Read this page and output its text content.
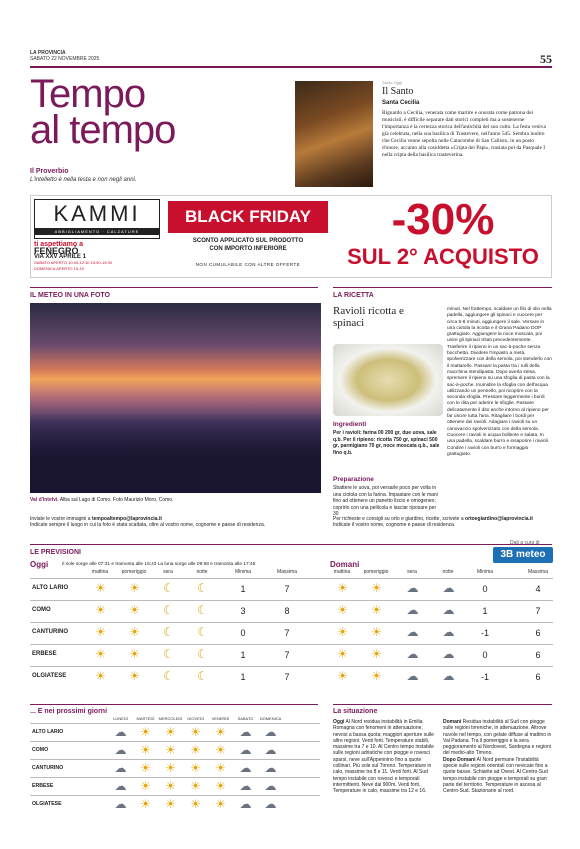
LA PROVINCIA
SABATO 22 NOVEMBRE 2025	55
Tempo
al tempo
Il Proverbio
L'intelletto è nella testa e non negli anni.
Santo Oggi
Il Santo
Santa Cecilia
Riguardo a Cecilia, venerata come martire e onorata come patrona dei musicisti, è difficile separare dati storici completi ma a sostenerne l'importanza è la certezza storica dell'antichità del suo culto. La festa veniva già celebrata, nella sua basilica di Trastevere, nell'anno 545. Sembra inoltre che Cecilia venne sepolta nelle Catacombe di San Callisto, in un posto d'onore, accanto alla cosiddetta «Cripta dei Papi», traslata poi da Pasquale I nella cripta della basilica trasteverina.
KAMMI
ABBIGLIAMENTO · CALZATURE
ti aspettiamo a
FENEGRÒ
VIA XXV APRILE 1
SABATO APERTO 10:00-12:30 15:00-19:30
DOMENICA APERTO 15-19
BLACK FRIDAY
SCONTO APPLICATO SUL PRODOTTO
CON IMPORTO INFERIORE
NON CUMULABILE CON ALTRE OFFERTE
-30%
SUL 2° ACQUISTO
IL METEO IN UNA FOTO
Val d'Intelvi. Alba sul Lago di Como. Foto Maurizio Moro, Como.
Inviate le vostre immagini a tempoaltempo@laprovincia.it
Indicate sempre il luogo in cui la foto è stata scattata, oltre al vostro nome, cognome e paese di residenza.
LA RICETTA
Ravioli ricotta e spinaci
Ingredienti
Per i ravioli: farina 00 200 gr, due uova, sale q.b. Per il ripieno: ricotta 750 gr, spinaci 500 gr, parmigiano 70 gr, noce moscata q.b., sale fino q.b.
Preparazione
Sbattere le uova, poi versarle poco per volta in una ciotola con la farina. Impastare con le mani fino ad ottenere un panetto liscio e omogeneo; coprirlo con una pellicola e lasciar riposare per 30
minuti. Nel frattempo, scaldare un filo di olio nella padella, aggiungere gli spinaci e cuocere per circa 5-6 minuti, aggiungere il sale. Versare in una ciotola la ricotta e il Grana Padano DOP grattugiato. Aggiungere la noce moscata, poi unire gli spinaci tritati precedentemente. Trasferire il ripieno in un sac-à-poche senza bocchetta. Dividere l'impasto a metà, spolverizzare con della semola, poi stenderlo con il mattarello. Passare la pasta tra i rulli della macchina stendipasta. Dopo averla stesa, spremere il ripieno su una sfoglia di pasta con la sac-à-poche. Inumidire la sfoglia con dell'acqua utilizzando un pennello, poi ricoprire con la seconda sfoglia. Pressare leggermente i bordi con le dita per aderire le sfoglie. Passare delicatamente il dito anche intorno al ripieno per far uscire tutta l'aria. Ritagliare i bordi per ottenere dei ravioli. Adagiare i ravioli su un canovaccio spolverizzato con della semola. Cuocere i ravioli in acqua bollente e salata. In una padella, scaldare burro e insaporire i ravioli. Condire i ravioli con burro e formaggio grattugiato.
Per richieste e consigli su orto e giardino, ricette, scrivete a ortoegiardino@laprovincia.it
Indicate il vostro nome, cognome e paese di residenza.
LE PREVISIONI
Dati a cura di
3B meteo
Oggi	Il sole sorge alle 07:31 e tramonta alle 16:43 La luna sorge alle 09:58 e tramonta alle 17:45	Domani
mattina	mattina
pomeriggio	pomeriggio
sera	sera
notte	notte
Minima	Minima
Massima	Massima
ALTO LARIO	☀ ☀ ☾ ☾	1	7	☀ ☀ ☁ ☁	0	4
COMO	☀ ☀ ☾ ☾	3	8	☀ ☀ ☁ ☁	1	7
CANTURINO	☀ ☀ ☾ ☾	0	7	☀ ☀ ☁ ☁	-1	6
ERBESE	☀ ☀ ☾ ☾	1	7	☀ ☀ ☁ ☁	0	6
OLGIATESE	☀ ☀ ☾ ☾	1	7	☀ ☀ ☁ ☁	-1	6
... E nei prossimi giorni
LUNEDÌ	MARTEDÌ	MERCOLEDÌ	GIOVEDÌ	VENERDÌ	SABATO	DOMENICA
ALTO LARIO	☁ ☀ ☀ ☀ ☀ ☁ ☁
COMO	☁ ☀ ☀ ☀ ☀ ☁ ☁
CANTURINO	☁ ☀ ☀ ☀ ☀ ☁ ☁
ERBESE	☁ ☀ ☀ ☀ ☀ ☁ ☁
OLGIATESE	☁ ☀ ☀ ☀ ☀ ☁ ☁
La situazione
Oggi Al Nord residua instabilità in Emilia Romagna con fenomeni in attenuazione, nevosi a bassa quota; maggiori aperture sulle altre regioni. Venti forti. Temperature stabili, massime tra 7 e 10. Al Centro tempo instabile sulle regioni adriatiche con piogge e rovesci sparsi, neve sull'Appennino fino a quote collinari. Più sole sul Tirreno. Temperature in calo, massime tra 8 e 11. Venti forti. Al Sud tempo instabile con rovesci e temporali intermittenti. Neve dai 900m. Venti forti. Temperature in calo, massime tra 12 e 16.
Domani Residua instabilità al Sud con piogge sulle regioni tirreniche, in attenuazione. Altrove nuvole nel tempo, con gelate diffuse al mattino in Val Padana. Tra il pomeriggio e la sera peggioramento al Nordovest, Sardegna e regioni del medio-alto Tirreno.
Dopo Domani Al Nord permane l'instabilità specie sulle regioni orientali con nevicate fino a quote basse. Schiarite ad Ovest. Al Centro-Sud tempo instabile con piogge e temporali su gran parte del territorio. Temperature in ascesa al Centro-Sud. Stazionarie al nord.
